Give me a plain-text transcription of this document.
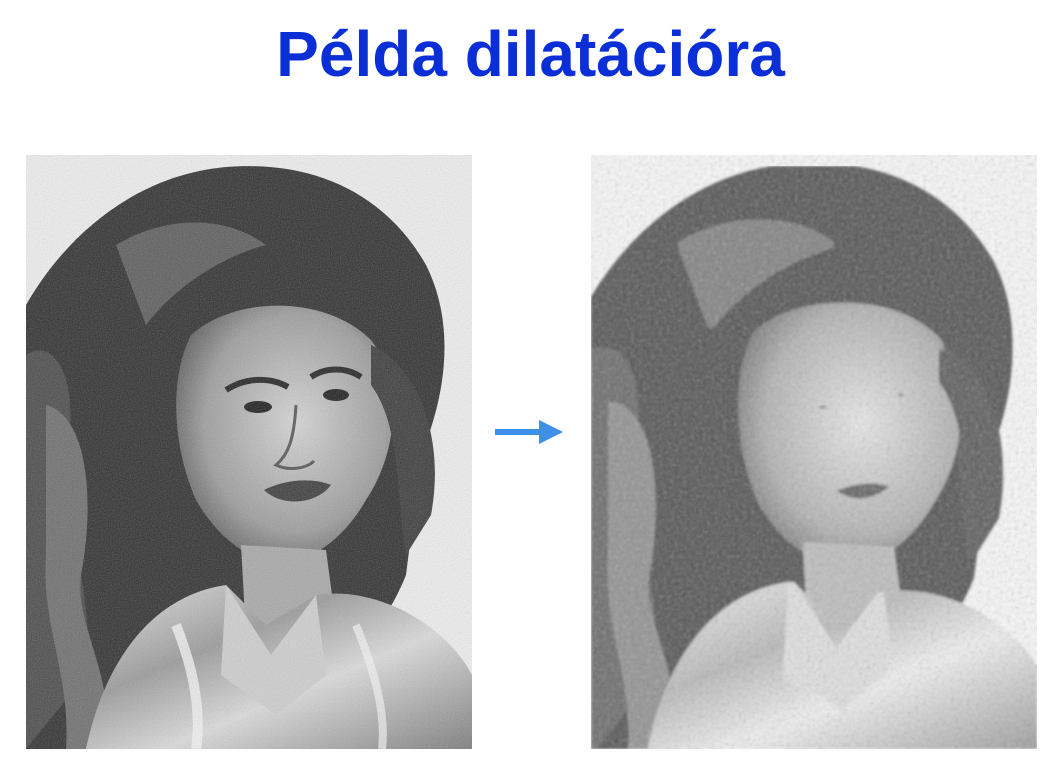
Példa dilatációra
